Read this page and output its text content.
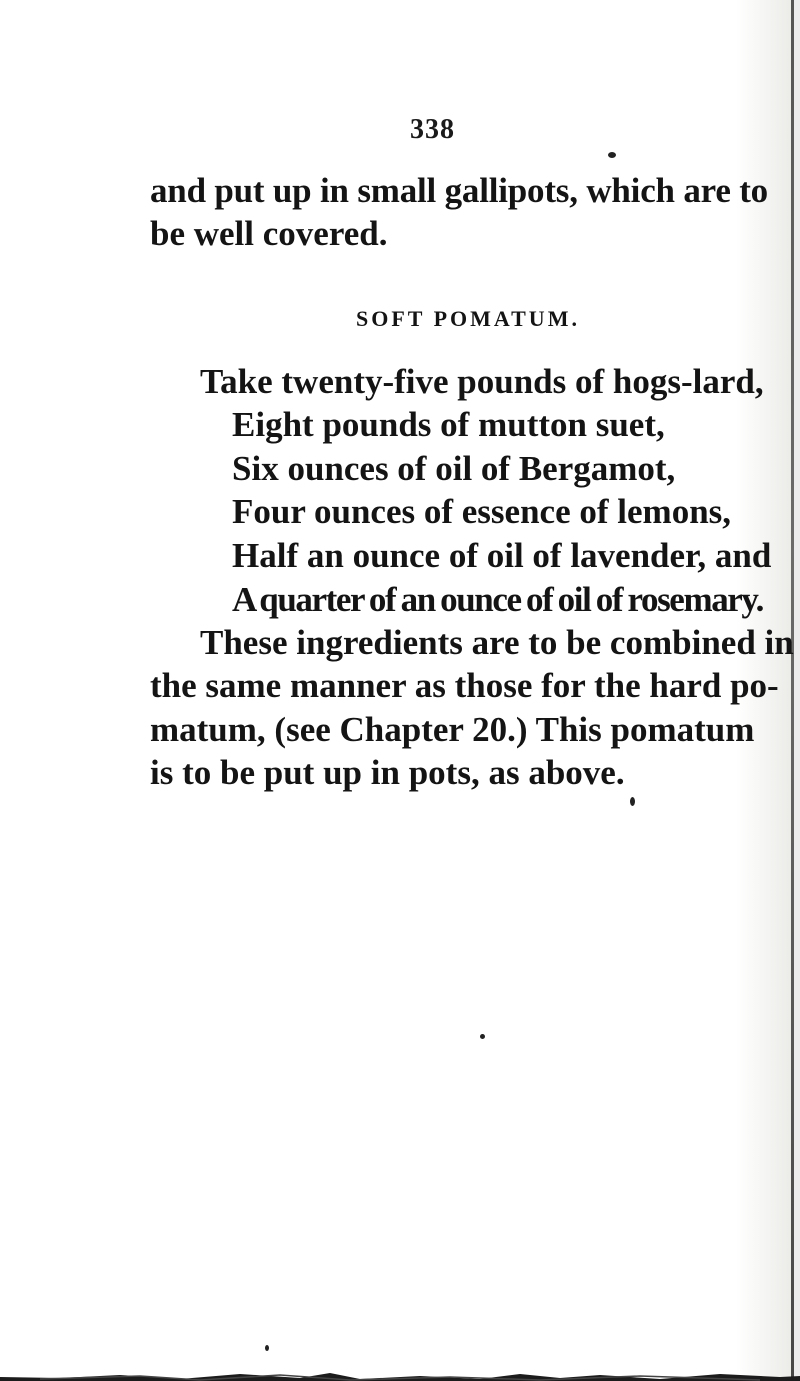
338
and put up in small gallipots, which are to
be well covered.
SOFT POMATUM.
Take twenty-five pounds of hogs-lard,
Eight pounds of mutton suet,
Six ounces of oil of Bergamot,
Four ounces of essence of lemons,
Half an ounce of oil of lavender, and
A quarter of an ounce of oil of rosemary.
These ingredients are to be combined in
the same manner as those for the hard po-
matum, (see Chapter 20.) This pomatum
is to be put up in pots, as above.
